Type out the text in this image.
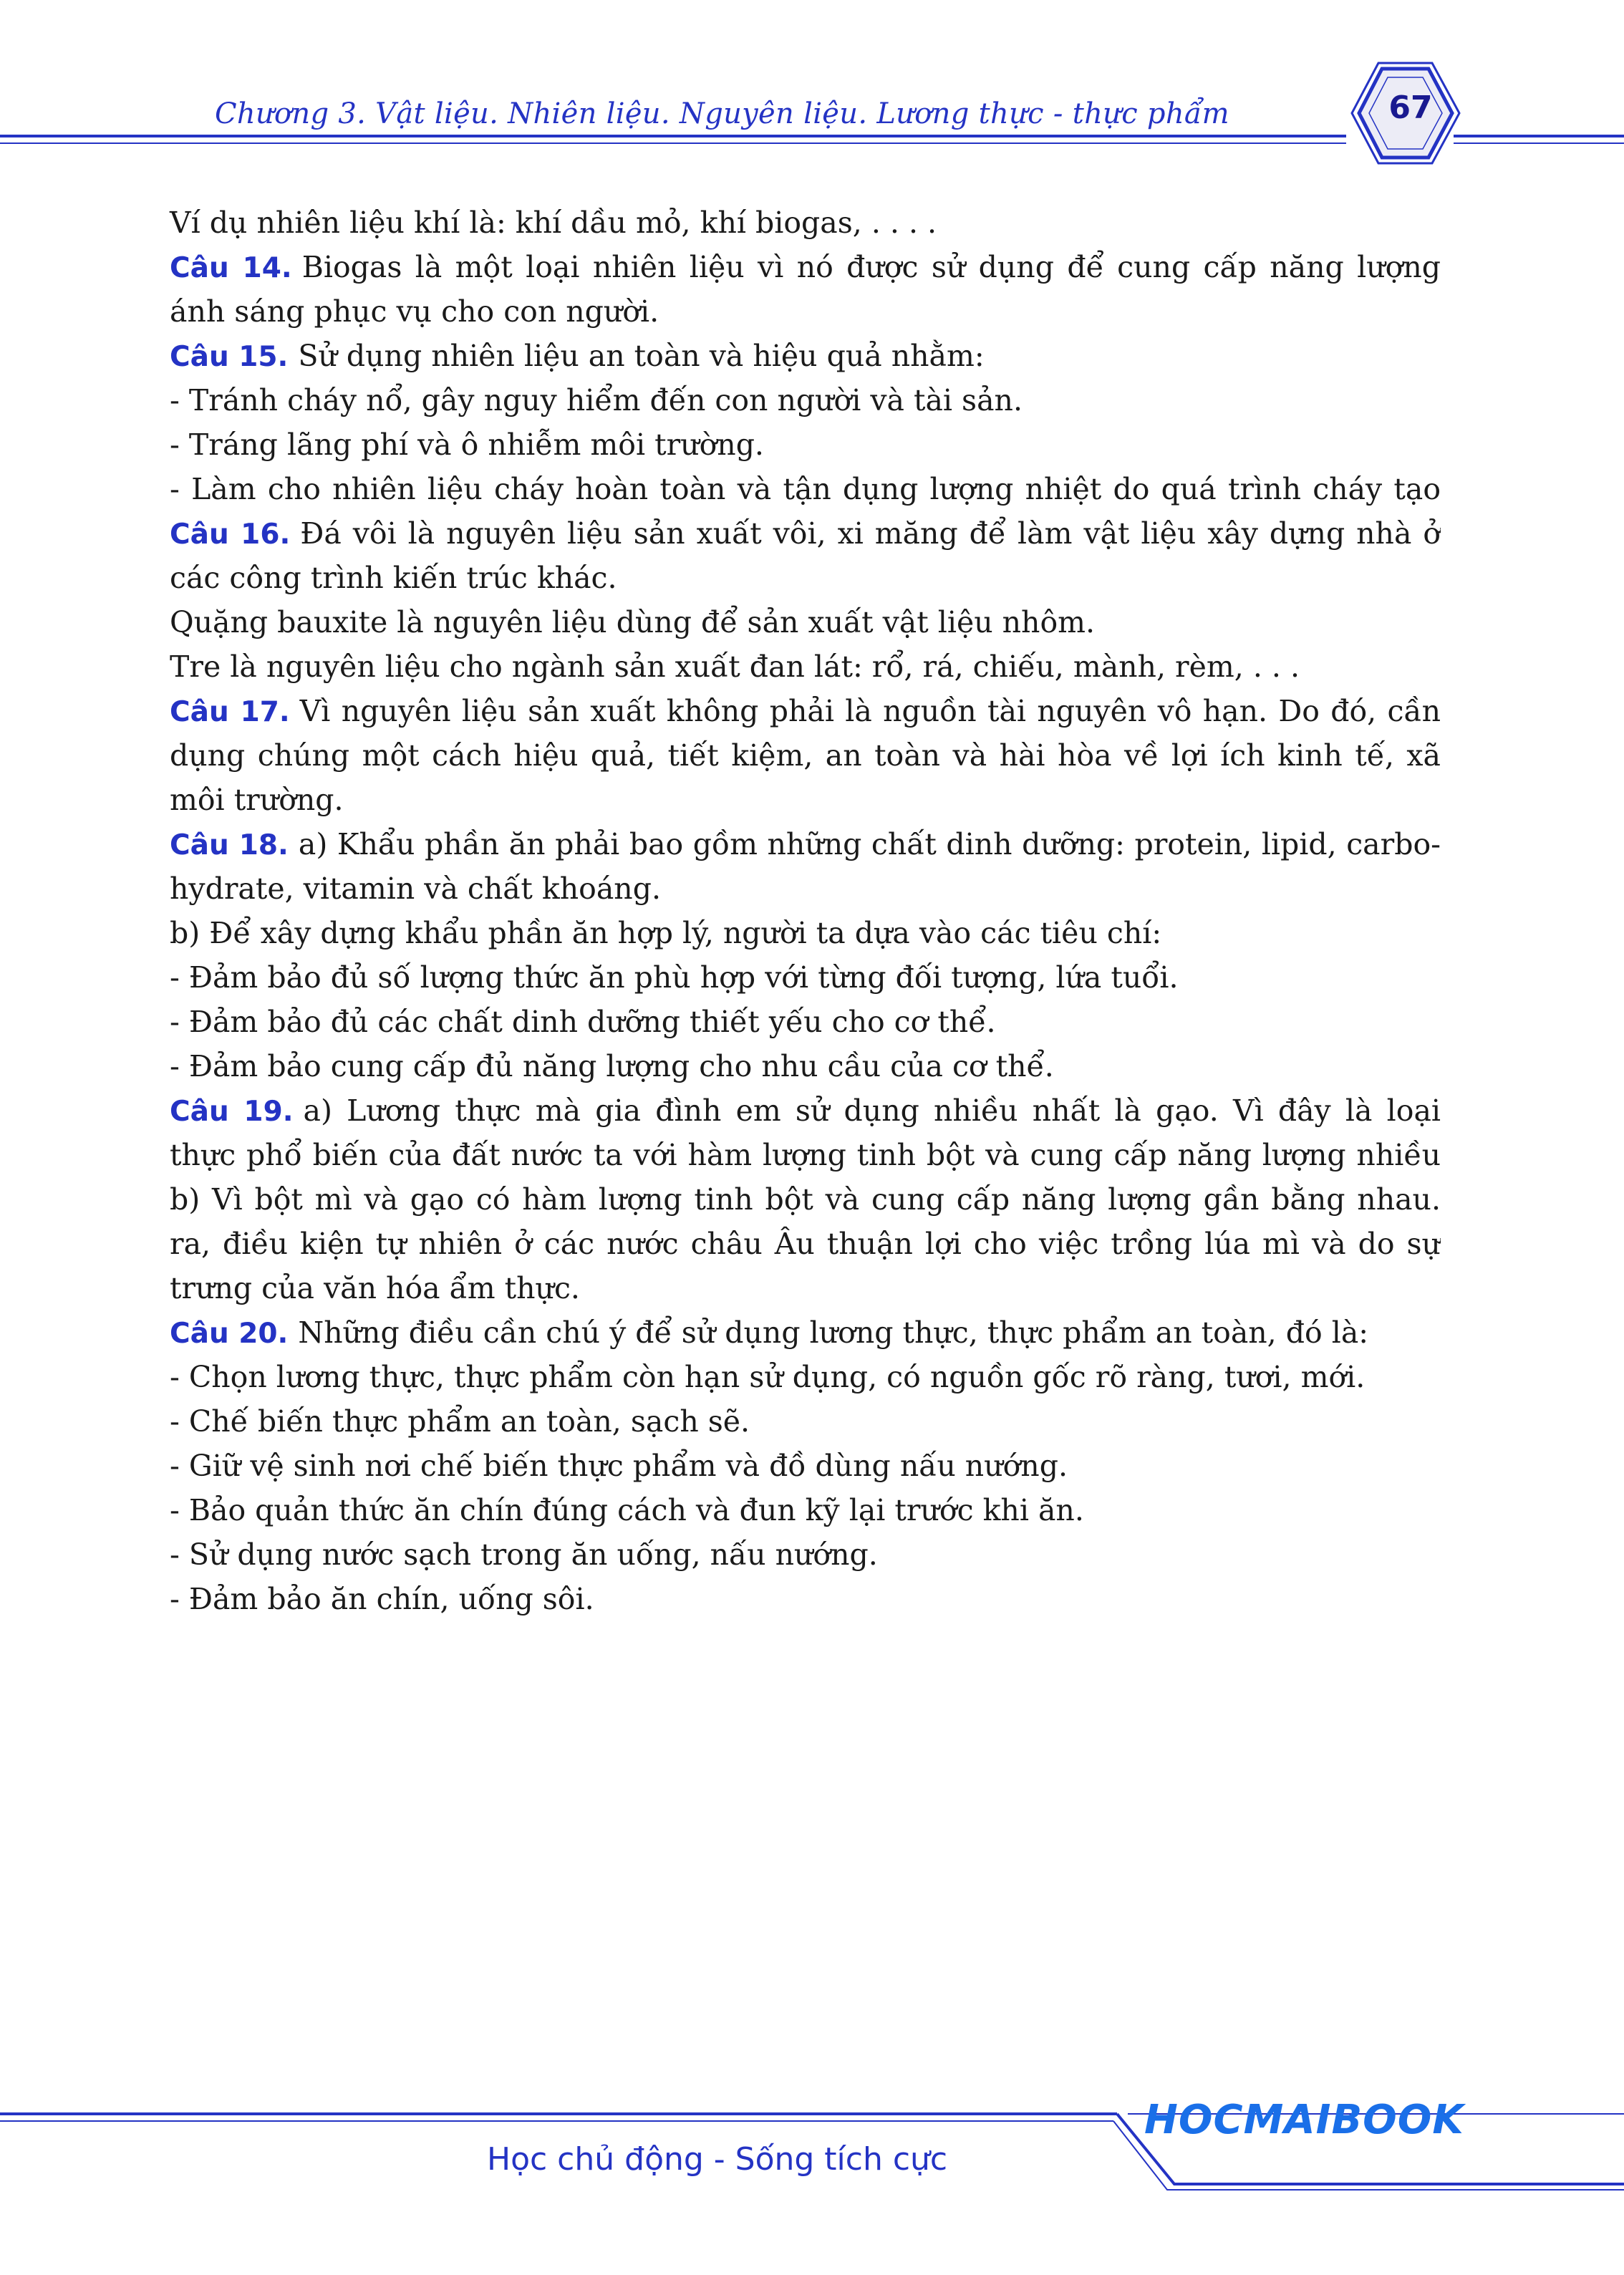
Chương 3. Vật liệu. Nhiên liệu. Nguyên liệu. Lương thực - thực phẩm	67
Ví dụ nhiên liệu khí là: khí dầu mỏ, khí biogas, . . . .
Câu 14. Biogas là một loại nhiên liệu vì nó được sử dụng để cung cấp năng lượng
ánh sáng phục vụ cho con người.
Câu 15. Sử dụng nhiên liệu an toàn và hiệu quả nhằm:
- Tránh cháy nổ, gây nguy hiểm đến con người và tài sản.
- Tráng lãng phí và ô nhiễm môi trường.
- Làm cho nhiên liệu cháy hoàn toàn và tận dụng lượng nhiệt do quá trình cháy tạo
Câu 16. Đá vôi là nguyên liệu sản xuất vôi, xi măng để làm vật liệu xây dựng nhà ở
các công trình kiến trúc khác.
Quặng bauxite là nguyên liệu dùng để sản xuất vật liệu nhôm.
Tre là nguyên liệu cho ngành sản xuất đan lát: rổ, rá, chiếu, mành, rèm, . . .
Câu 17. Vì nguyên liệu sản xuất không phải là nguồn tài nguyên vô hạn. Do đó, cần
dụng chúng một cách hiệu quả, tiết kiệm, an toàn và hài hòa về lợi ích kinh tế, xã
môi trường.
Câu 18. a) Khẩu phần ăn phải bao gồm những chất dinh dưỡng: protein, lipid, carbo-
hydrate, vitamin và chất khoáng.
b) Để xây dựng khẩu phần ăn hợp lý, người ta dựa vào các tiêu chí:
- Đảm bảo đủ số lượng thức ăn phù hợp với từng đối tượng, lứa tuổi.
- Đảm bảo đủ các chất dinh dưỡng thiết yếu cho cơ thể.
- Đảm bảo cung cấp đủ năng lượng cho nhu cầu của cơ thể.
Câu 19. a) Lương thực mà gia đình em sử dụng nhiều nhất là gạo. Vì đây là loại
thực phổ biến của đất nước ta với hàm lượng tinh bột và cung cấp năng lượng nhiều
b) Vì bột mì và gạo có hàm lượng tinh bột và cung cấp năng lượng gần bằng nhau.
ra, điều kiện tự nhiên ở các nước châu Âu thuận lợi cho việc trồng lúa mì và do sự
trưng của văn hóa ẩm thực.
Câu 20. Những điều cần chú ý để sử dụng lương thực, thực phẩm an toàn, đó là:
- Chọn lương thực, thực phẩm còn hạn sử dụng, có nguồn gốc rõ ràng, tươi, mới.
- Chế biến thực phẩm an toàn, sạch sẽ.
- Giữ vệ sinh nơi chế biến thực phẩm và đồ dùng nấu nướng.
- Bảo quản thức ăn chín đúng cách và đun kỹ lại trước khi ăn.
- Sử dụng nước sạch trong ăn uống, nấu nướng.
- Đảm bảo ăn chín, uống sôi.
HOCMAIBOOK
Học chủ động - Sống tích cực
